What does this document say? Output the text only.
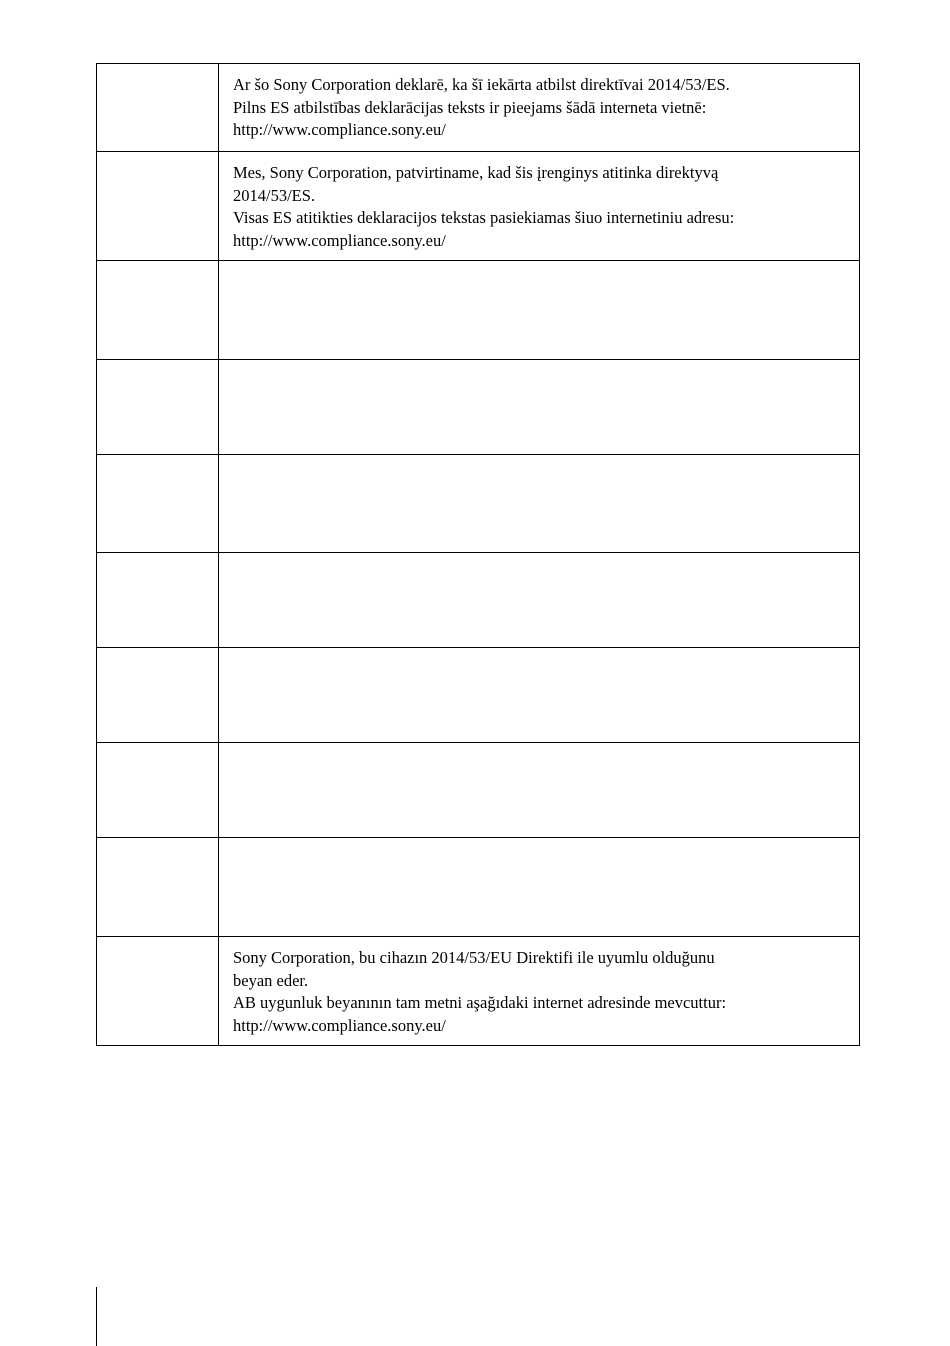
	Ar šo Sony Corporation deklarē, ka šī iekārta atbilst direktīvai 2014/53/ES.
Pilns ES atbilstības deklarācijas teksts ir pieejams šādā interneta vietnē:
http://www.compliance.sony.eu/

	Mes, Sony Corporation, patvirtiname, kad šis įrenginys atitinka direktyvą
2014/53/ES.
Visas ES atitikties deklaracijos tekstas pasiekiamas šiuo internetiniu adresu:
http://www.compliance.sony.eu/

	Sony Corporation, bu cihazın 2014/53/EU Direktifi ile uyumlu olduğunu
beyan eder.
AB uygunluk beyanının tam metni aşağıdaki internet adresinde mevcuttur:
http://www.compliance.sony.eu/
